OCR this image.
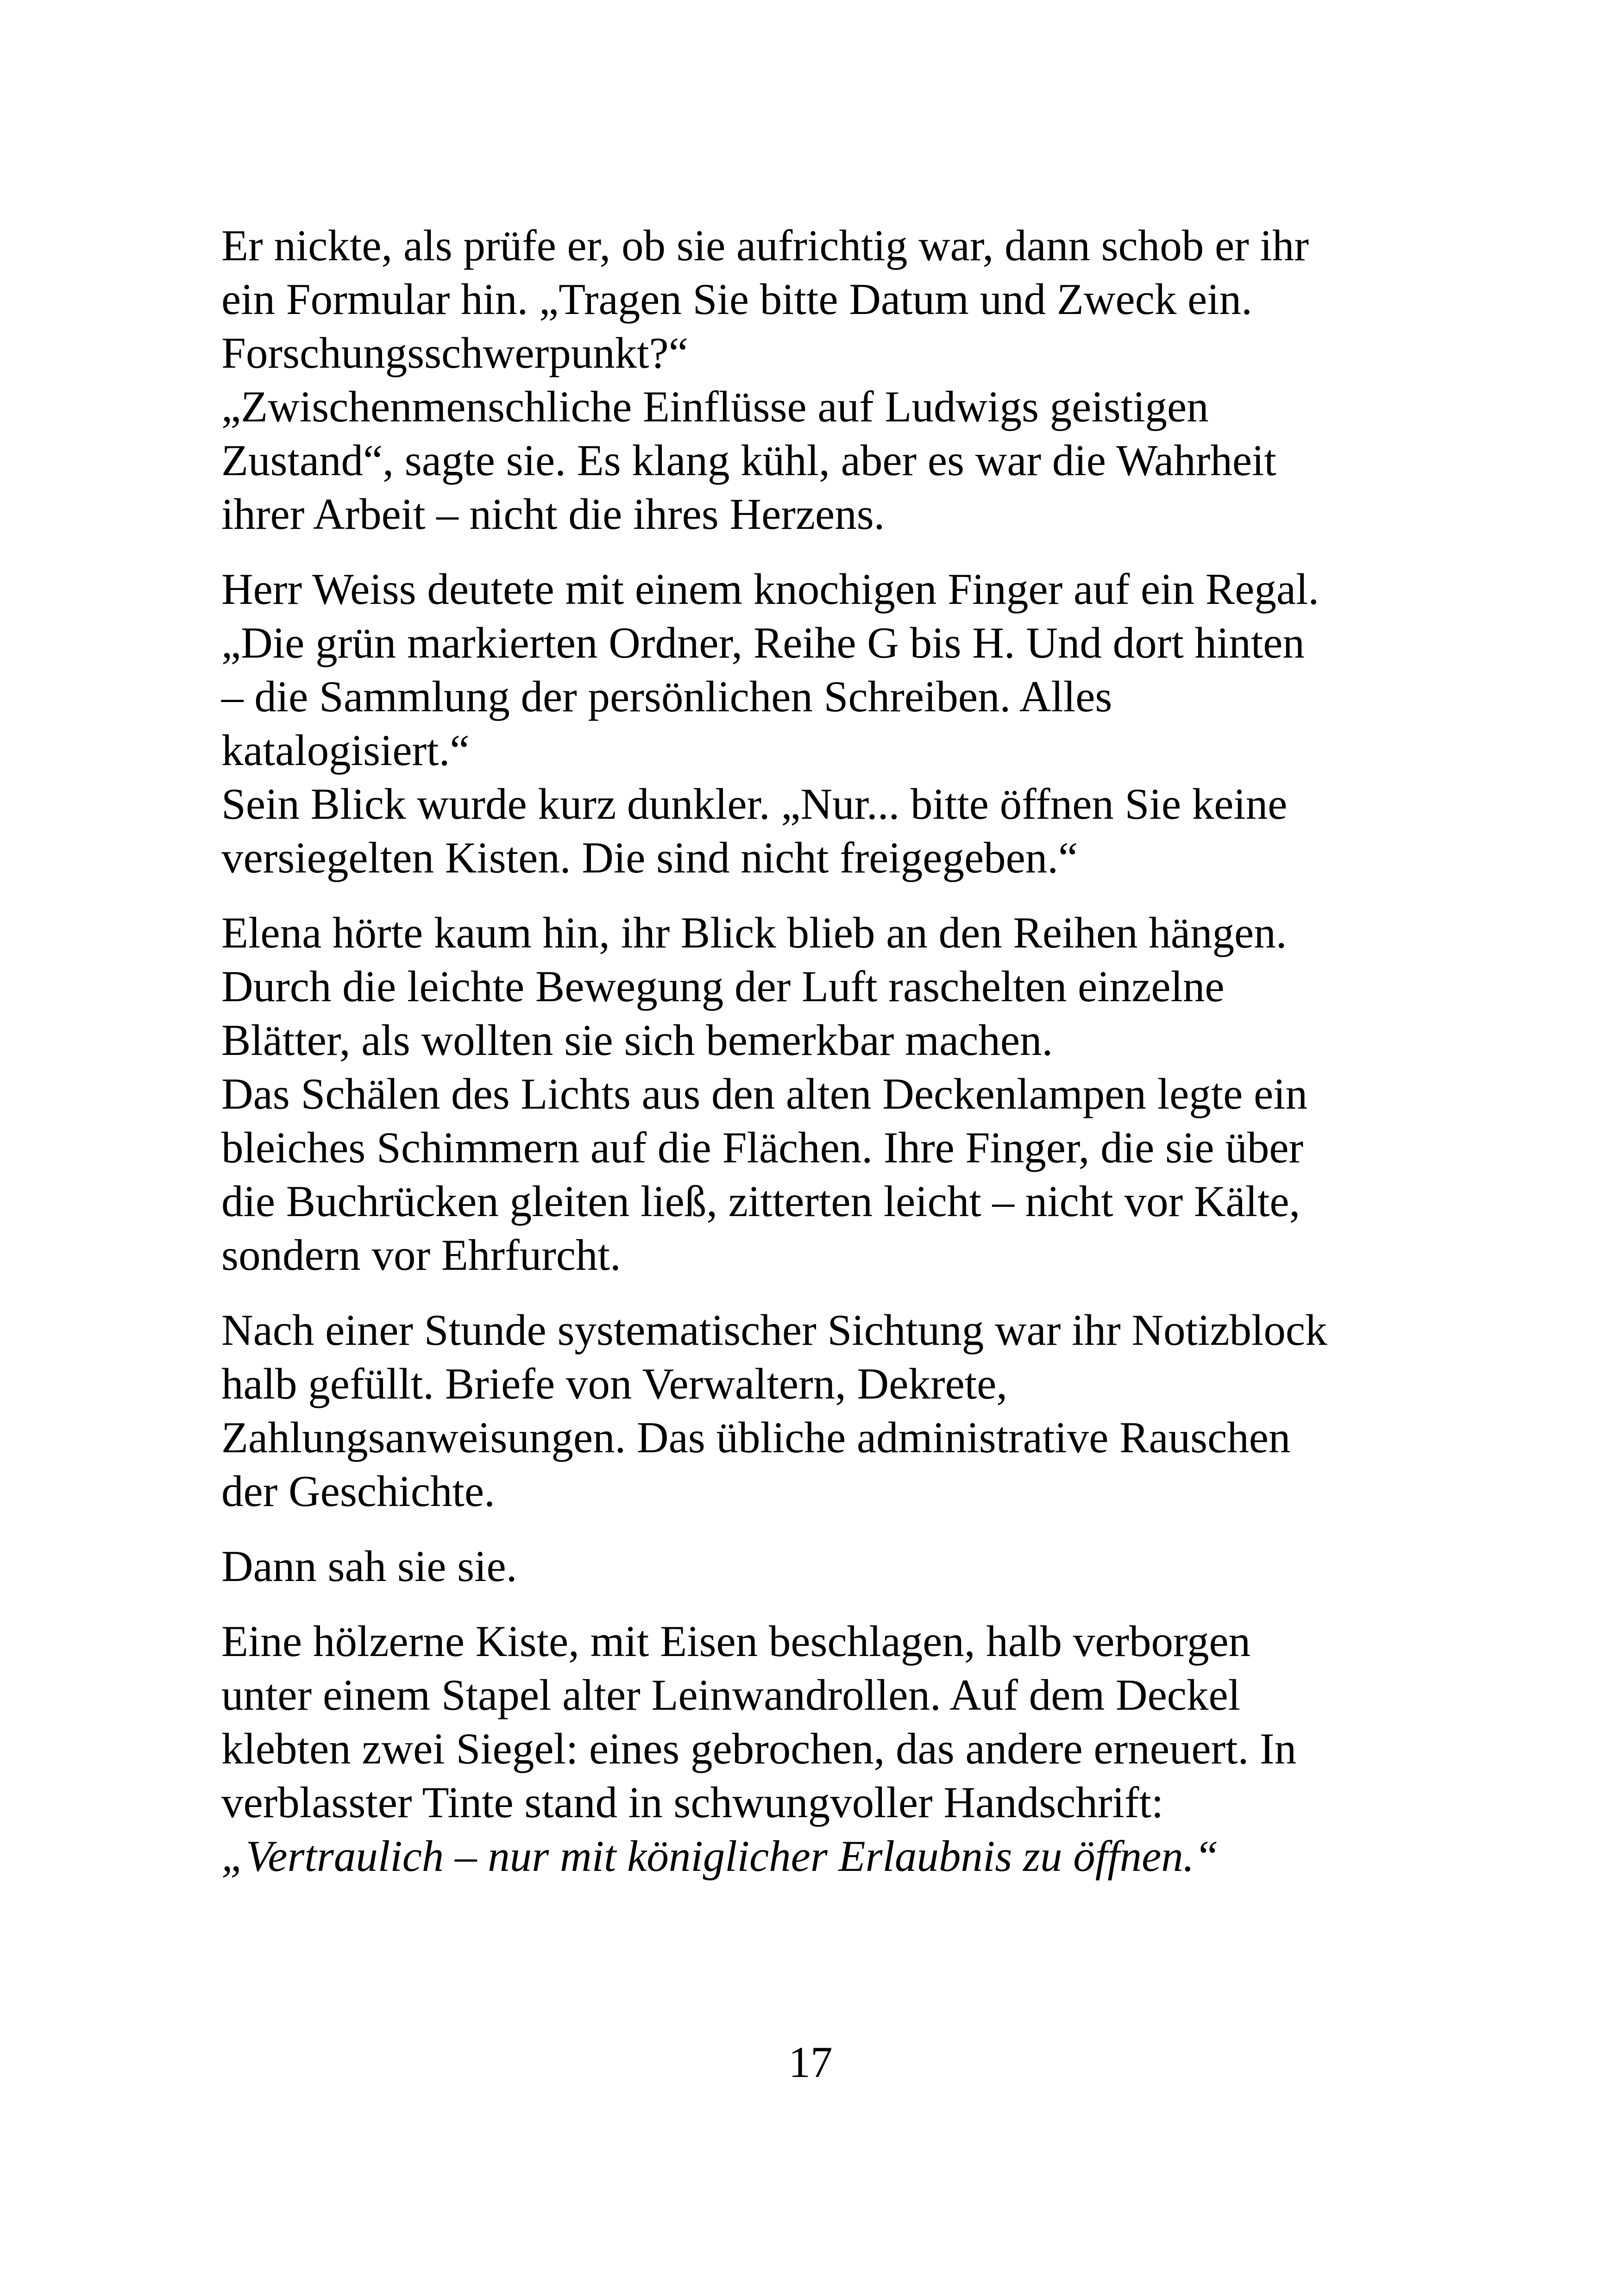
Er nickte, als prüfe er, ob sie aufrichtig war, dann schob er ihr
ein Formular hin. „Tragen Sie bitte Datum und Zweck ein.
Forschungsschwerpunkt?“

„Zwischenmenschliche Einflüsse auf Ludwigs geistigen
Zustand“, sagte sie. Es klang kühl, aber es war die Wahrheit
ihrer Arbeit – nicht die ihres Herzens.

Herr Weiss deutete mit einem knochigen Finger auf ein Regal.
„Die grün markierten Ordner, Reihe G bis H. Und dort hinten
– die Sammlung der persönlichen Schreiben. Alles
katalogisiert.“

Sein Blick wurde kurz dunkler. „Nur... bitte öffnen Sie keine
versiegelten Kisten. Die sind nicht freigegeben.“

Elena hörte kaum hin, ihr Blick blieb an den Reihen hängen.
Durch die leichte Bewegung der Luft raschelten einzelne
Blätter, als wollten sie sich bemerkbar machen.

Das Schälen des Lichts aus den alten Deckenlampen legte ein
bleiches Schimmern auf die Flächen. Ihre Finger, die sie über
die Buchrücken gleiten ließ, zitterten leicht – nicht vor Kälte,
sondern vor Ehrfurcht.

Nach einer Stunde systematischer Sichtung war ihr Notizblock
halb gefüllt. Briefe von Verwaltern, Dekrete,
Zahlungsanweisungen. Das übliche administrative Rauschen
der Geschichte.

Dann sah sie sie.

Eine hölzerne Kiste, mit Eisen beschlagen, halb verborgen
unter einem Stapel alter Leinwandrollen. Auf dem Deckel
klebten zwei Siegel: eines gebrochen, das andere erneuert. In
verblasster Tinte stand in schwungvoller Handschrift:
„Vertraulich – nur mit königlicher Erlaubnis zu öffnen.“

17
